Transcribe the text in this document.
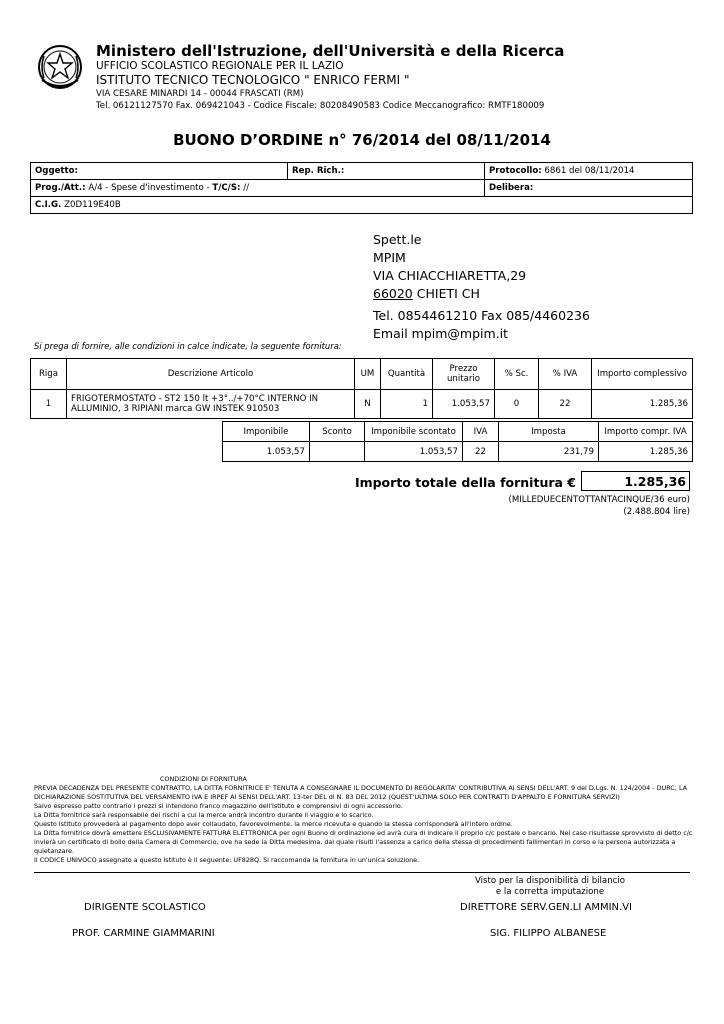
Ministero dell'Istruzione, dell'Università e della Ricerca
UFFICIO SCOLASTICO REGIONALE PER IL LAZIO
ISTITUTO TECNICO TECNOLOGICO " ENRICO FERMI "
VIA CESARE MINARDI 14 - 00044 FRASCATI (RM)
Tel. 06121127570 Fax. 069421043 - Codice Fiscale: 80208490583 Codice Meccanografico: RMTF180009
BUONO D’ORDINE n° 76/2014 del 08/11/2014
Oggetto:	Rep. Rich.:	Protocollo: 6861 del 08/11/2014
Prog./Att.: A/4 - Spese d'investimento - T/C/S: //		Delibera:
C.I.G. Z0D119E40B		
Spett.le
MPIM
VIA CHIACCHIARETTA,29
66020 CHIETI CH
Tel. 0854461210 Fax 085/4460236
Email mpim@mpim.it
Si prega di fornire, alle condizioni in calce indicate, la seguente fornitura:
Riga	Descrizione Articolo	UM	Quantità	Prezzo unitario	% Sc.	% IVA	Importo complessivo
1	FRIGOTERMOSTATO - ST2 150 lt +3°../+70°C INTERNO IN ALLUMINIO, 3 RIPIANI marca GW INSTEK 910503	N	1	1.053,57	0	22	1.285,36
Imponibile	Sconto	Imponibile scontato	IVA	Imposta	Importo compr. IVA
1.053,57		1.053,57	22	231,79	1.285,36
Importo totale della fornitura €	1.285,36
(MILLEDUECENTOTTANTACINQUE/36 euro)
(2.488.804 lire)
CONDIZIONI DI FORNITURA
PREVIA DECADENZA DEL PRESENTE CONTRATTO, LA DITTA FORNITRICE E' TENUTA A CONSEGNARE IL DOCUMENTO DI REGOLARITA' CONTRIBUTIVA AI SENSI DELL'ART. 9 del D.Lgs. N. 124/2004 - DURC; LA DICHIARAZIONE SOSTITUTIVA DEL VERSAMENTO IVA E IRPEF AI SENSI DELL'ART. 13-ter DEL dl N. 83 DEL 2012 (QUEST'ULTIMA SOLO PER CONTRATTI D'APPALTO E FORNITURA SERVIZI)
Salvo espresso patto contrario i prezzi si intendono franco magazzino dell'Istituto e comprensivi di ogni accessorio.
La Ditta fornitrice sarà responsabile dei rischi a cui la merce andrà incontro durante il viaggio e lo scarico.
Questo Istituto provvederà al pagamento dopo aver collaudato, favorevolmente, la merce ricevuta e quando la stessa corrisponderà all'intero ordine.
La Ditta fornitrice dovrà emettere ESCLUSIVAMENTE FATTURA ELETTRONICA per ogni Buono di ordinazione ed avrà cura di indicare il proprio c/c postale o bancario. Nel caso risultasse sprovvisto di detto c/c invierà un certificato di bollo della Camera di Commercio, ove ha sede la Ditta medesima, dal quale risulti l'assenza a carico della stessa di procedimenti fallimentari in corso e la persona autorizzata a quietanzare.
Il CODICE UNIVOCO assegnato a questo Istituto è il seguente: UF828Q. Si raccomanda la fornitura in un'unica soluzione.
Visto per la disponibilità di bilancio
e la corretta imputazione
DIRIGENTE SCOLASTICO
PROF. CARMINE GIAMMARINI
DIRETTORE SERV.GEN.LI AMMIN.VI
SIG. FILIPPO ALBANESE
